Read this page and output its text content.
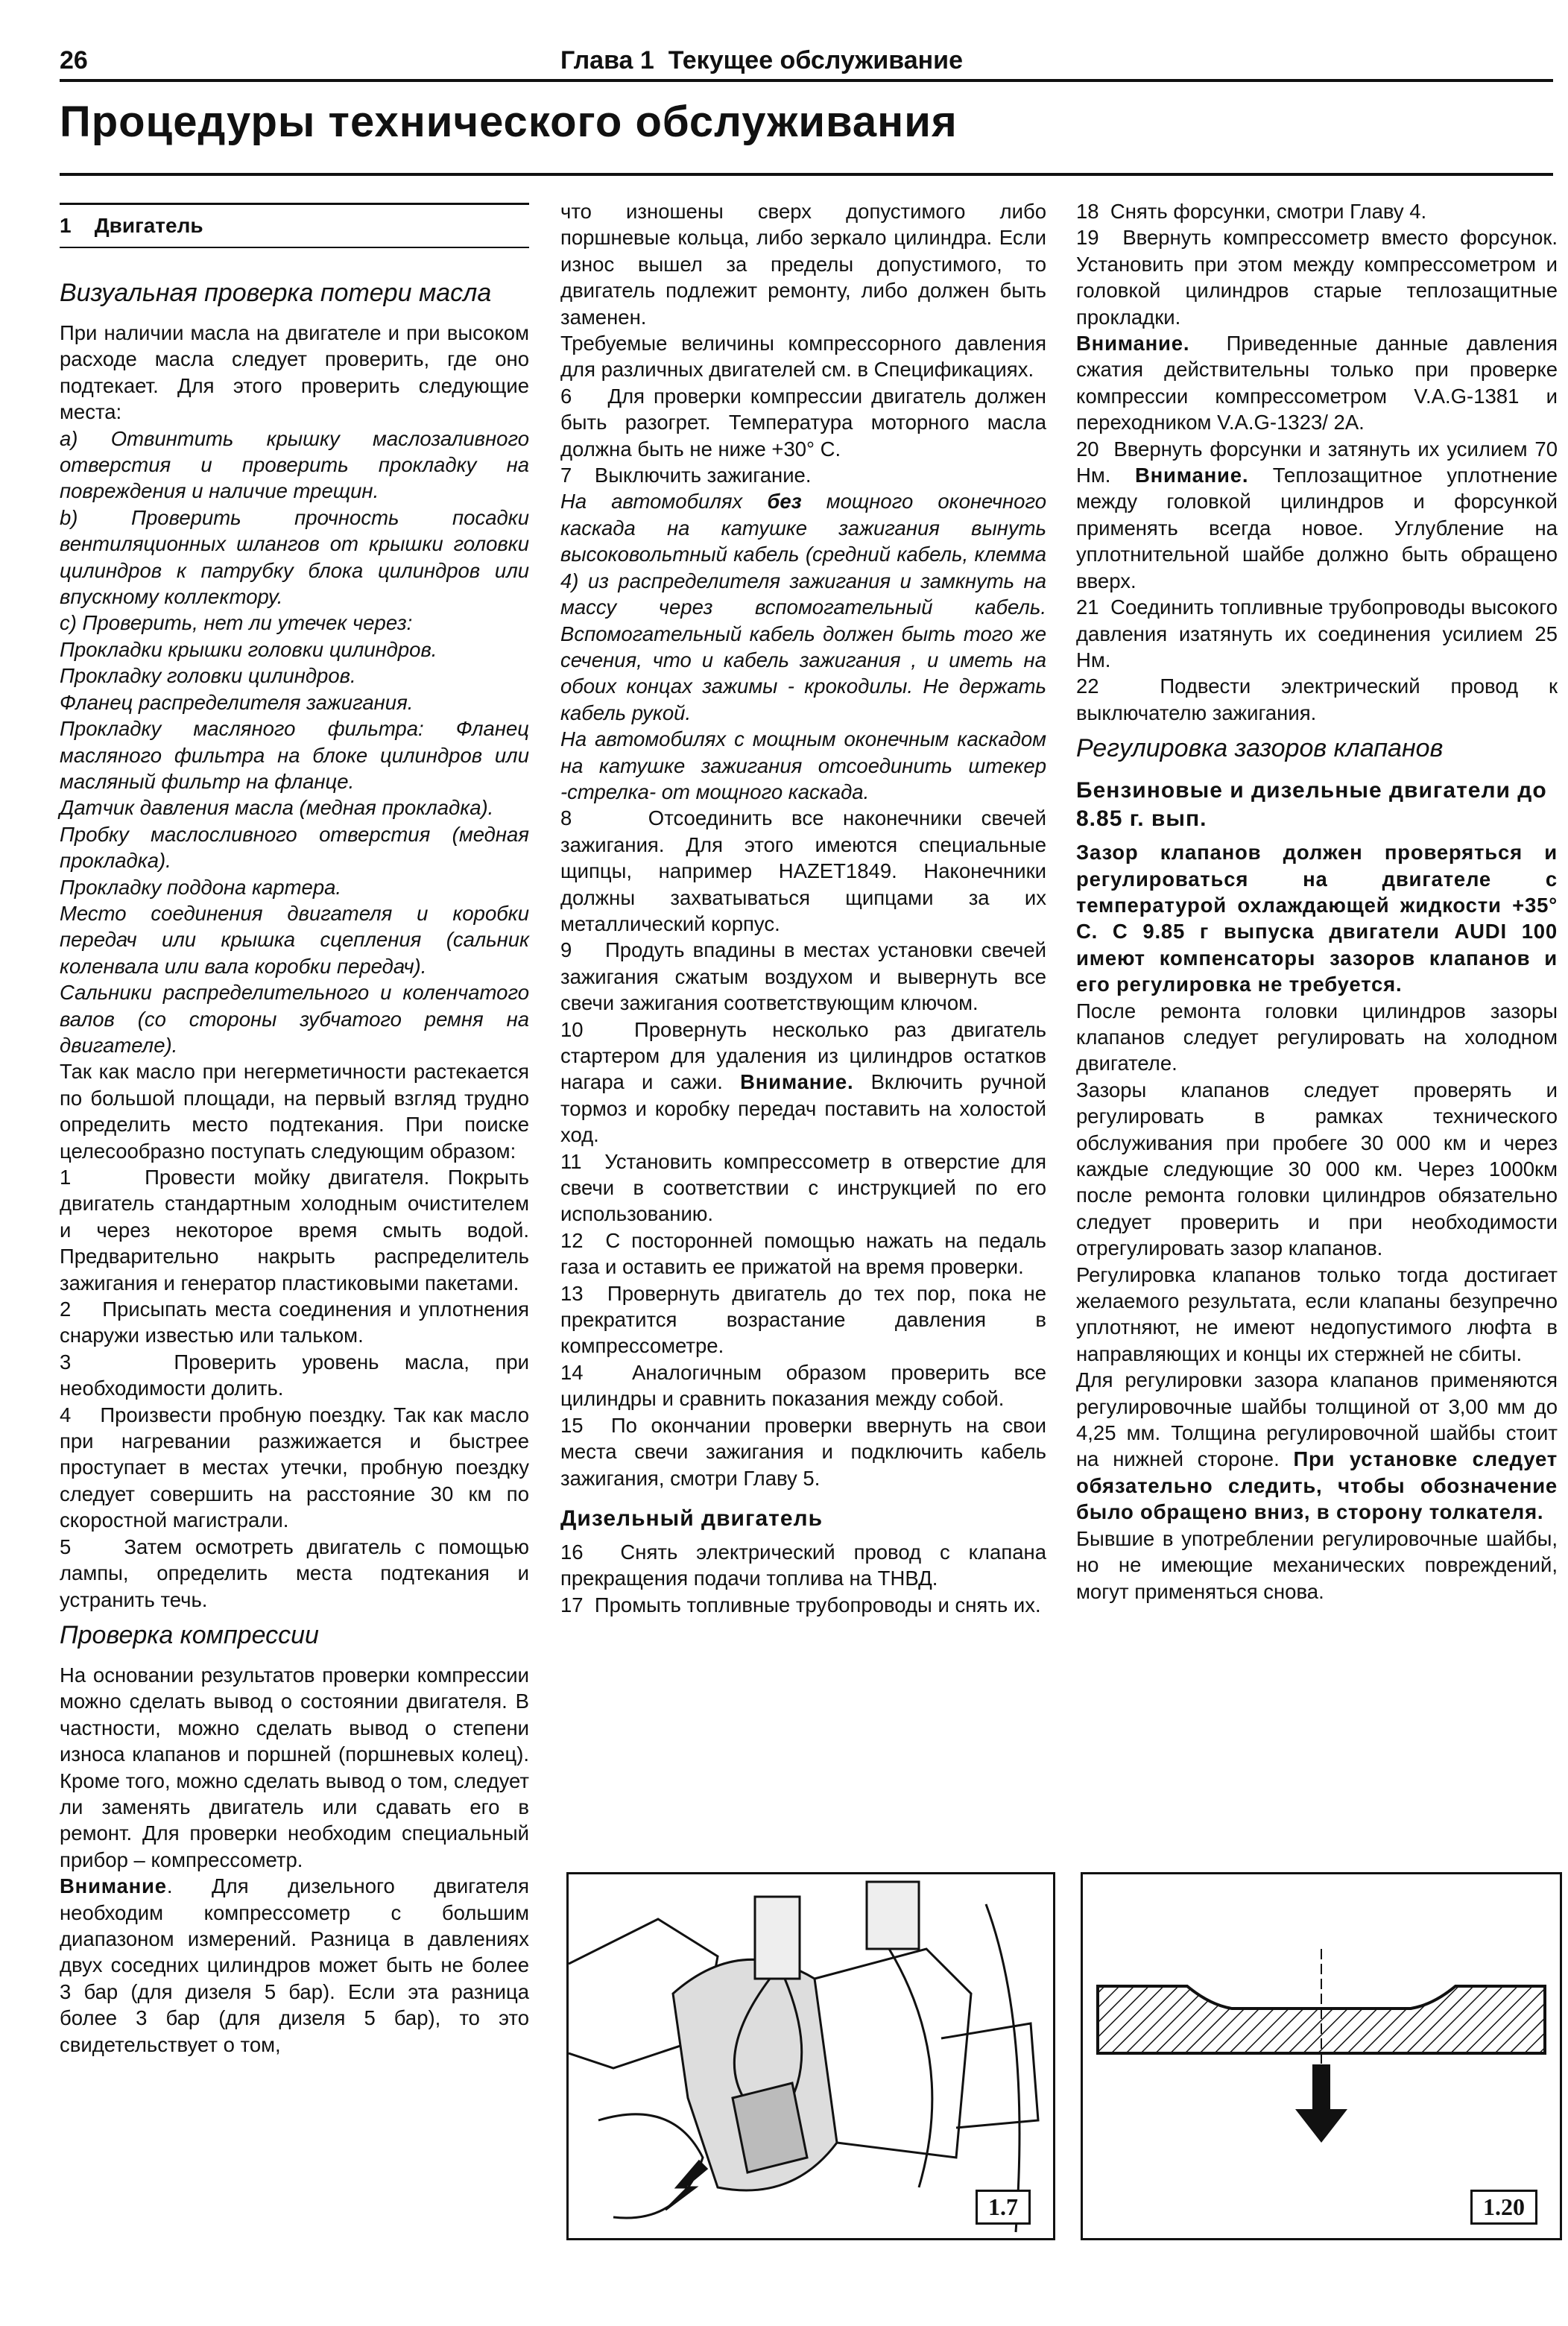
26	Глава 1  Текущее обслуживание
Процедуры технического обслуживания
1    Двигатель

Визуальная проверка потери масла

При наличии масла на двигателе и при высоком расходе масла следует проверить, где оно подтекает. Для этого проверить следующие места:

a) Отвинтить крышку маслозаливного отверстия и проверить прокладку на повреждения и наличие трещин.

b) Проверить прочность посадки вентиляционных шлангов от крышки головки цилиндров к патрубку блока цилиндров или впускному коллектору.

c) Проверить, нет ли утечек через:

Прокладки крышки головки цилиндров.

Прокладку головки цилиндров.

Фланец распределителя зажигания.

Прокладку масляного фильтра: Фланец масляного фильтра на блоке цилиндров или масляный фильтр на фланце.

Датчик давления масла (медная прокладка).

Пробку маслосливного отверстия (медная прокладка).

Прокладку поддона картера.

Место соединения двигателя и коробки передач или крышка сцепления (сальник коленвала или вала коробки передач).

Сальники распределительного и коленчатого валов (со стороны зубчатого ремня на двигателе).

Так как масло при негерметичности растекается по большой площади, на первый взгляд трудно определить место подтекания. При поиске целесообразно поступать следующим образом:

1    Провести мойку двигателя. Покрыть двигатель стандартным холодным очистителем и через некоторое время смыть водой. Предварительно накрыть распределитель зажигания и генератор пластиковыми пакетами.

2    Присыпать места соединения и уплотнения снаружи известью или тальком.

3    Проверить уровень масла, при необходимости долить.

4    Произвести пробную поездку. Так как масло при нагревании разжижается и быстрее проступает в местах утечки, пробную поездку следует совершить на расстояние 30 км по скоростной магистрали.

5    Затем осмотреть двигатель с помощью лампы, определить места подтекания и устранить течь.

Проверка компрессии

На основании результатов проверки компрессии можно сделать вывод о состоянии двигателя. В частности, можно сделать вывод о степени износа клапанов и поршней (поршневых колец). Кроме того, можно сделать вывод о том, следует ли заменять двигатель или сдавать его в ремонт. Для проверки необходим специальный прибор – компрессометр.

Внимание. Для дизельного двигателя необходим компрессометр с большим диапазоном измерений. Разница в давлениях двух соседних цилиндров может быть не более 3 бар (для дизеля 5 бар). Если эта разница более 3 бар (для дизеля 5 бар), то это свидетельствует о том,

что изношены сверх допустимого либо поршневые кольца, либо зеркало цилиндра. Если износ вышел за пределы допустимого, то двигатель подлежит ремонту, либо должен быть заменен.

Требуемые величины компрессорного давления для различных двигателей см. в Спецификациях.

6    Для проверки компрессии двигатель должен быть разогрет. Температура моторного масла должна быть не ниже +30° С.

7    Выключить зажигание.

На автомобилях без мощного оконечного каскада на катушке зажигания вынуть высоковольтный кабель (средний кабель, клемма 4) из распределителя зажигания и замкнуть на массу через вспомогательный кабель. Вспомогательный кабель должен быть того же сечения, что и кабель зажигания , и иметь на обоих концах зажимы - крокодилы. Не держать кабель рукой.

На автомобилях с мощным оконечным каскадом на катушке зажигания отсоединить штекер -стрелка- от мощного каскада.

8    Отсоединить все наконечники свечей зажигания. Для этого имеются специальные щипцы, например HAZET1849. Наконечники должны захватываться щипцами за их металлический корпус.

9    Продуть впадины в местах установки свечей зажигания сжатым воздухом и вывернуть все свечи зажигания соответствующим ключом.

10  Провернуть несколько раз двигатель стартером для удаления из цилиндров остатков нагара и сажи. Внимание. Включить ручной тормоз и коробку передач поставить на холостой ход.

11  Установить компрессометр в отверстие для свечи в соответствии с инструкцией по его использованию.

12  С посторонней помощью нажать на педаль газа и оставить ее прижатой на время проверки.

13  Провернуть двигатель до тех пор, пока не прекратится возрастание давления в компрессометре.

14  Аналогичным образом проверить все цилиндры и сравнить показания между собой.

15  По окончании проверки ввернуть на свои места свечи зажигания и подключить кабель зажигания, смотри Главу 5.

Дизельный двигатель

16  Снять электрический провод с клапана прекращения подачи топлива на ТНВД.

17  Промыть топливные трубопроводы и снять их.

18  Снять форсунки, смотри Главу 4.

19  Ввернуть компрессометр вместо форсунок. Установить при этом между компрессометром и головкой цилиндров старые теплозащитные прокладки.

Внимание.  Приведенные данные давления сжатия действительны только при проверке компрессии компрессометром V.A.G-1381 и переходником V.A.G-1323/ 2А.

20  Ввернуть форсунки и затянуть их усилием 70 Нм. Внимание. Теплозащитное уплотнение между головкой цилиндров и форсункой применять всегда новое. Углубление на уплотнительной шайбе должно быть обращено вверх.

21  Соединить топливные трубопроводы высокого давления изатянуть их соединения усилием 25 Нм.

22  Подвести электрический провод к выключателю зажигания.

Регулировка зазоров клапанов

Бензиновые и дизельные двигатели до 8.85 г. вып.

Зазор клапанов должен проверяться и регулироваться на двигателе с температурой охлаждающей жидкости +35° С. С 9.85 г выпуска двигатели AUDI 100 имеют компенсаторы зазоров клапанов и его регулировка не требуется.

После ремонта головки цилиндров зазоры клапанов следует регулировать на холодном двигателе.

Зазоры клапанов следует проверять и регулировать в рамках технического обслуживания при пробеге 30 000 км и через каждые следующие 30 000 км. Через 1000км после ремонта головки цилиндров обязательно следует проверить и при необходимости отрегулировать зазор клапанов.

Регулировка клапанов только тогда достигает желаемого результата, если клапаны безупречно уплотняют, не имеют недопустимого люфта в направляющих и концы их стержней не сбиты.

Для регулировки зазора клапанов применяются регулировочные шайбы толщиной от 3,00 мм до 4,25 мм. Толщина регулировочной шайбы стоит на нижней стороне. При установке следует обязательно следить, чтобы обозначение было обращено вниз, в сторону толкателя.

Бывшие в употреблении регулировочные шайбы, но не имеющие механических повреждений, могут применяться снова.

1.7	1.20
